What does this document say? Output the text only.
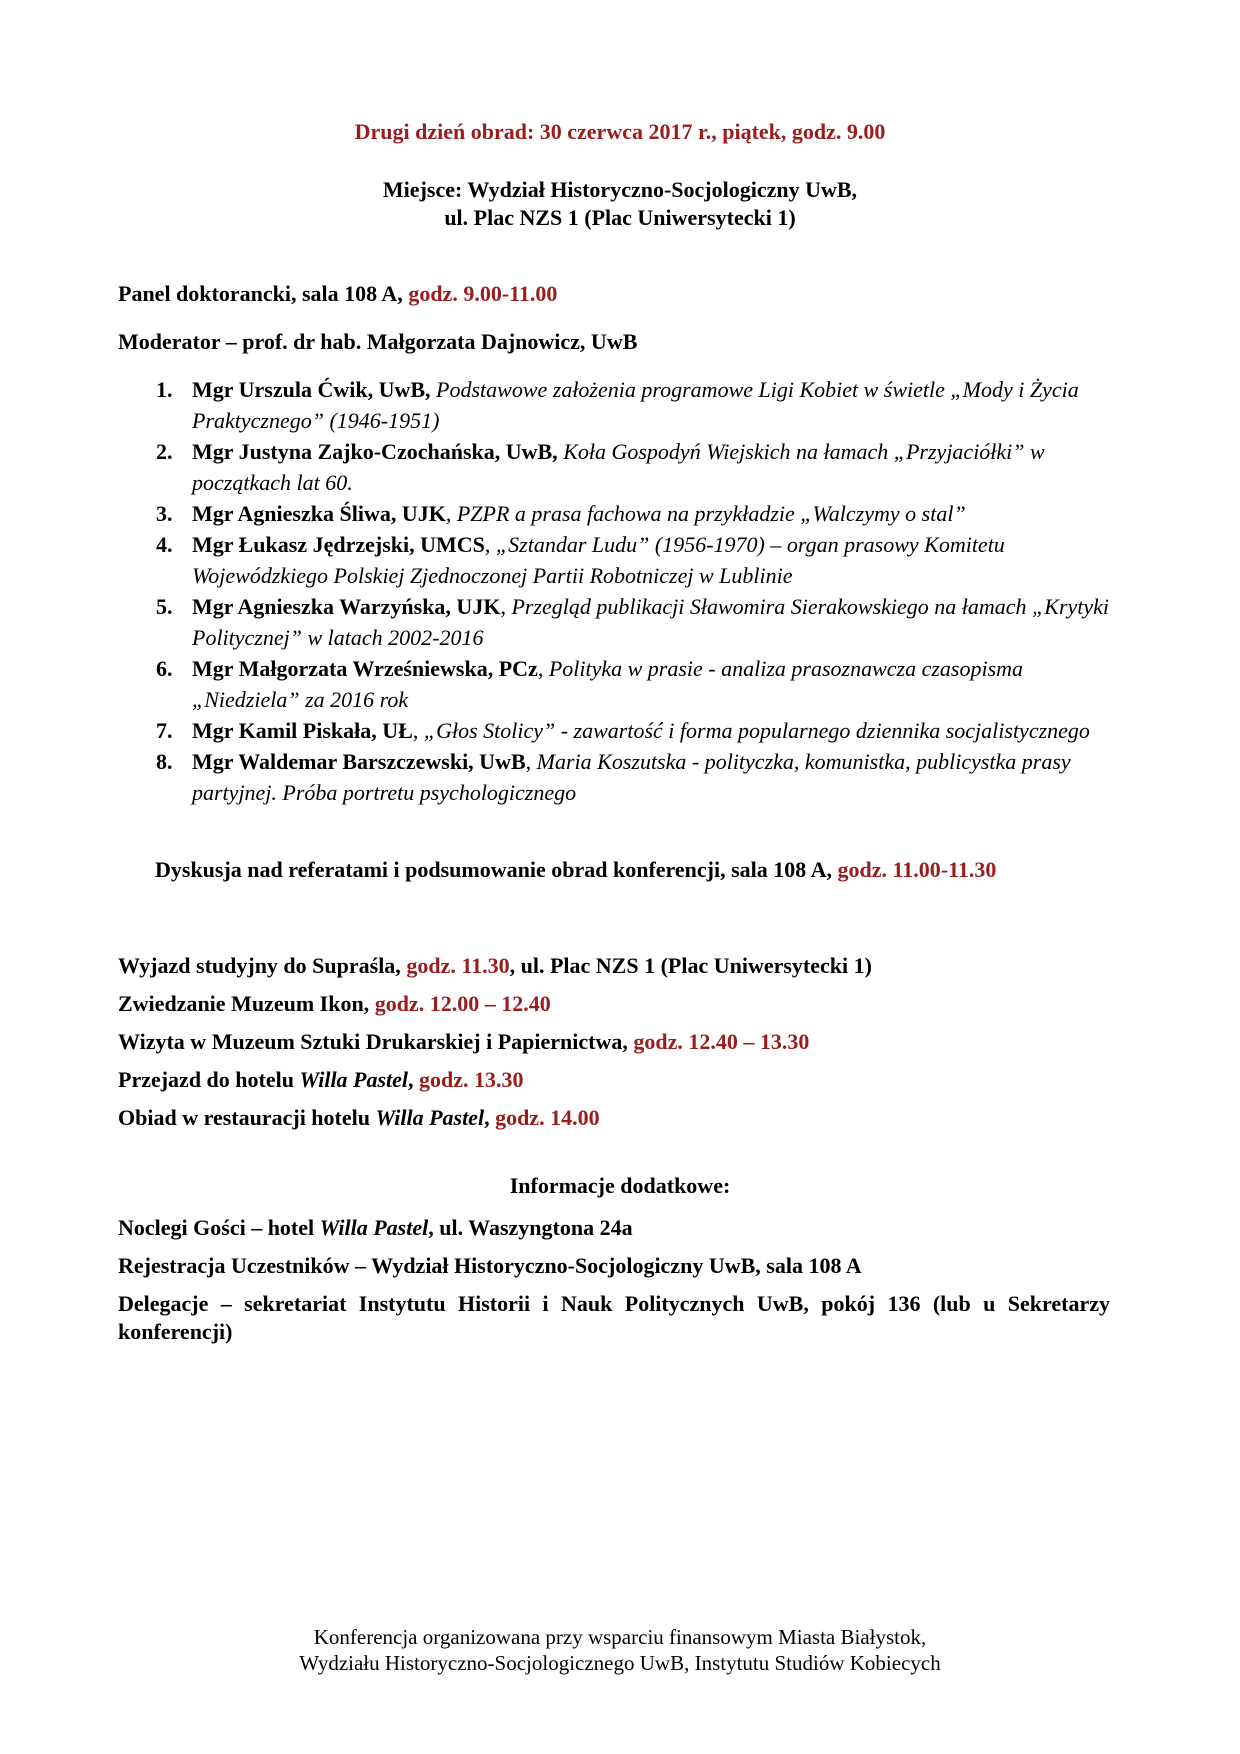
Drugi dzień obrad: 30 czerwca 2017 r., piątek, godz. 9.00
Miejsce: Wydział Historyczno-Socjologiczny UwB,
ul. Plac NZS 1 (Plac Uniwersytecki 1)
Panel doktorancki, sala 108 A, godz. 9.00-11.00
Moderator – prof. dr hab. Małgorzata Dajnowicz, UwB
1. Mgr Urszula Ćwik, UwB, Podstawowe założenia programowe Ligi Kobiet w świetle „Mody i Życia Praktycznego” (1946-1951)
2. Mgr Justyna Zajko-Czochańska, UwB, Koła Gospodyń Wiejskich na łamach „Przyjaciółki” w początkach lat 60.
3. Mgr Agnieszka Śliwa, UJK, PZPR a prasa fachowa na przykładzie „Walczymy o stal”
4. Mgr Łukasz Jędrzejski, UMCS, „Sztandar Ludu” (1956-1970) – organ prasowy Komitetu Wojewódzkiego Polskiej Zjednoczonej Partii Robotniczej w Lublinie
5. Mgr Agnieszka Warzyńska, UJK, Przegląd publikacji Sławomira Sierakowskiego na łamach „Krytyki Politycznej” w latach 2002-2016
6. Mgr Małgorzata Wrześniewska, PCz, Polityka w prasie - analiza prasoznawcza czasopisma „Niedziela” za 2016 rok
7. Mgr Kamil Piskała, UŁ, „Głos Stolicy” - zawartość i forma popularnego dziennika socjalistycznego
8. Mgr Waldemar Barszczewski, UwB, Maria Koszutska - polityczka, komunistka, publicystka prasy partyjnej. Próba portretu psychologicznego
Dyskusja nad referatami i podsumowanie obrad konferencji, sala 108 A, godz. 11.00-11.30
Wyjazd studyjny do Supraśla, godz. 11.30, ul. Plac NZS 1 (Plac Uniwersytecki 1)
Zwiedzanie Muzeum Ikon, godz. 12.00 – 12.40
Wizyta w Muzeum Sztuki Drukarskiej i Papiernictwa, godz. 12.40 – 13.30
Przejazd do hotelu Willa Pastel, godz. 13.30
Obiad w restauracji hotelu Willa Pastel, godz. 14.00
Informacje dodatkowe:
Noclegi Gości – hotel Willa Pastel, ul. Waszyngtona 24a
Rejestracja Uczestników – Wydział Historyczno-Socjologiczny UwB, sala 108 A
Delegacje – sekretariat Instytutu Historii i Nauk Politycznych UwB, pokój 136 (lub u Sekretarzy konferencji)
Konferencja organizowana przy wsparciu finansowym Miasta Białystok,
Wydziału Historyczno-Socjologicznego UwB, Instytutu Studiów Kobiecych
